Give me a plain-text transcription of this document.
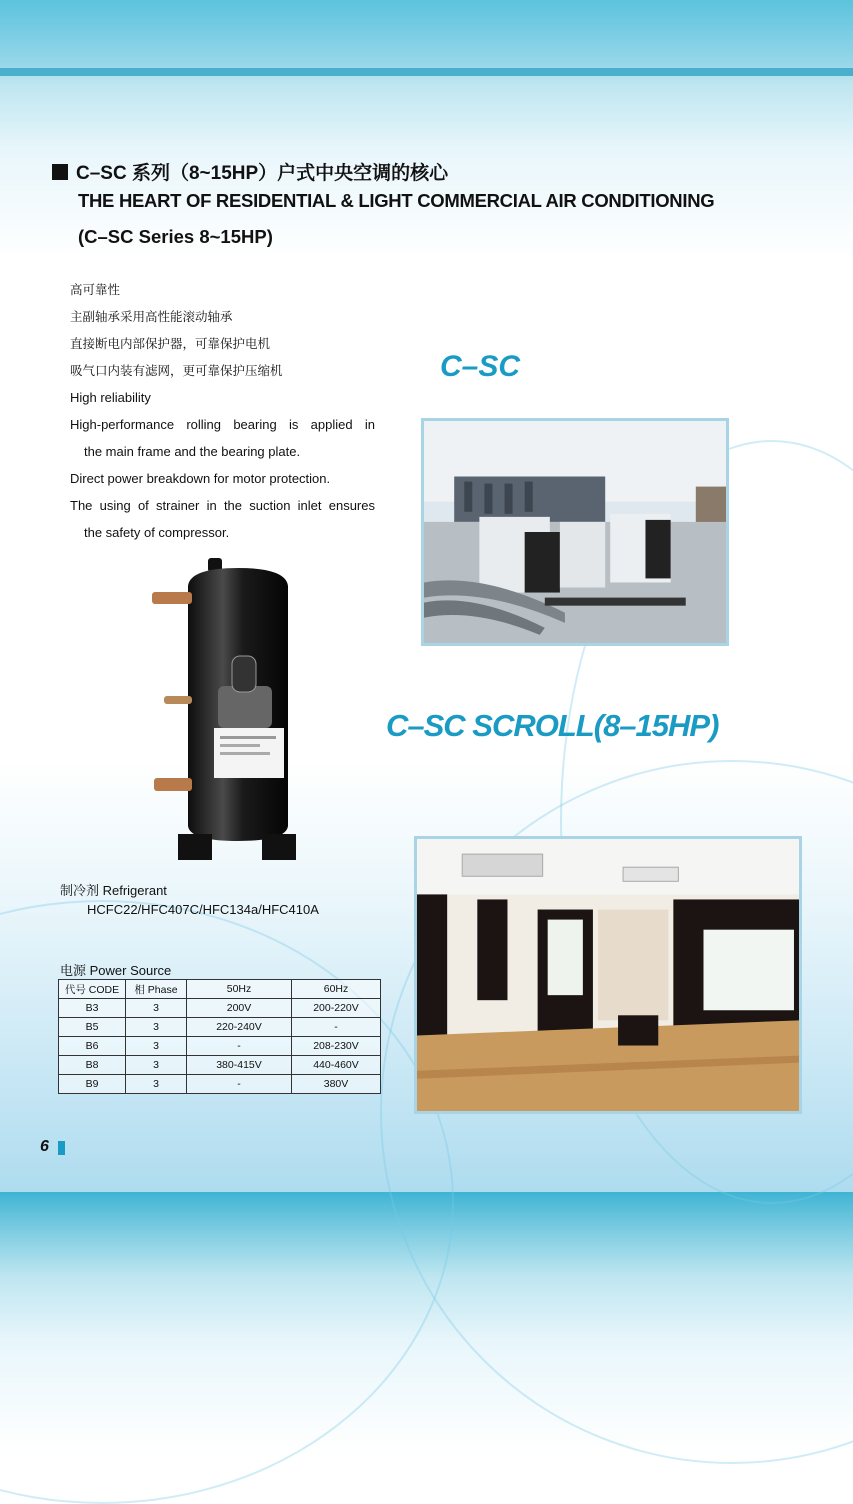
C–SC 系列（8~15HP）户式中央空调的核心
THE HEART OF RESIDENTIAL & LIGHT COMMERCIAL AIR CONDITIONING
(C–SC Series 8~15HP)
高可靠性
主副轴承采用高性能滚动轴承
直接断电内部保护器，可靠保护电机
吸气口内装有滤网，更可靠保护压缩机
High reliability
High-performance rolling bearing is applied in
the main frame and the bearing plate.
Direct power breakdown for motor protection.
The using of strainer in the suction inlet ensures
the safety of compressor.
C–SC
C–SC SCROLL(8–15HP)
制冷剂 Refrigerant
HCFC22/HFC407C/HFC134a/HFC410A
电源 Power Source
代号 CODE	相 Phase	50Hz	60Hz
B3	3	200V	200-220V
B5	3	220-240V	-
B6	3	-	208-230V
B8	3	380-415V	440-460V
B9	3	-	380V
6
